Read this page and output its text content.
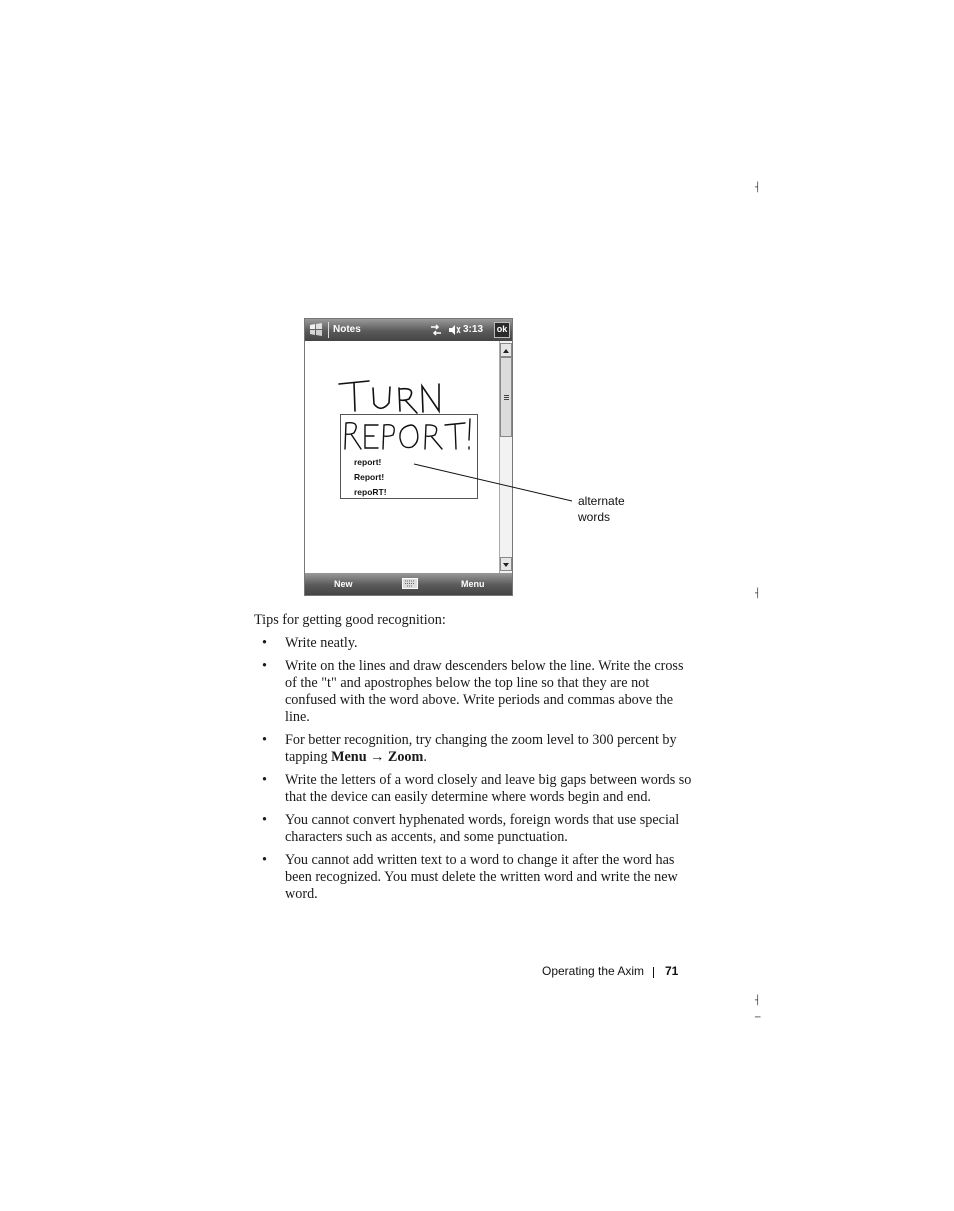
┤
┤
┤
─
Notes	3:13	ok
report!
Report!
repoRT!
New	Menu
alternate
words

Tips for getting good recognition:

• Write neatly.
• Write on the lines and draw descenders below the line. Write the cross of the "t" and apostrophes below the top line so that they are not confused with the word above. Write periods and commas above the line.
• For better recognition, try changing the zoom level to 300 percent by tapping Menu → Zoom.
• Write the letters of a word closely and leave big gaps between words so that the device can easily determine where words begin and end.
• You cannot convert hyphenated words, foreign words that use special characters such as accents, and some punctuation.
• You cannot add written text to a word to change it after the word has been recognized. You must delete the written word and write the new word.
Operating the Axim 71
